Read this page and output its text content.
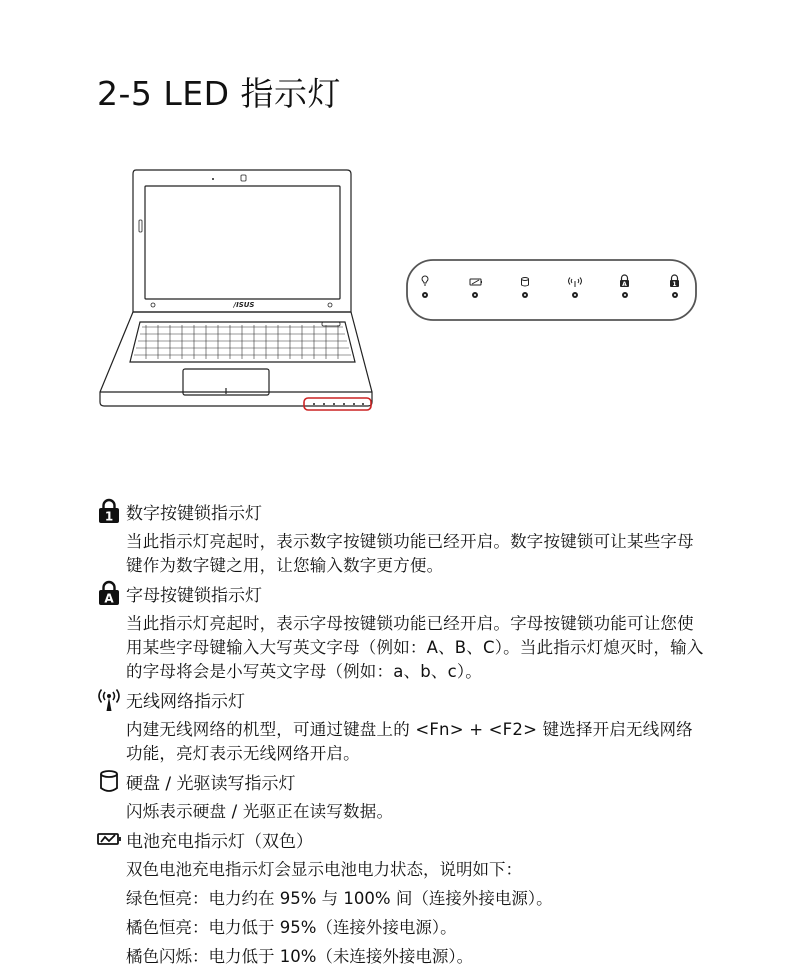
2-5 LED 指示灯
/ISUS
A	1
1 数字按键锁指示灯

当此指示灯亮起时，表示数字按键锁功能已经开启。数字按键锁可让某些字母键作为数字键之用，让您输入数字更方便。

A 字母按键锁指示灯

当此指示灯亮起时，表示字母按键锁功能已经开启。字母按键锁功能可让您使用某些字母键输入大写英文字母（例如：A、B、C）。当此指示灯熄灭时，输入的字母将会是小写英文字母（例如：a、b、c）。

无线网络指示灯

内建无线网络的机型，可通过键盘上的 <Fn> + <F2> 键选择开启无线网络功能，亮灯表示无线网络开启。

硬盘 / 光驱读写指示灯

闪烁表示硬盘 / 光驱正在读写数据。

电池充电指示灯（双色）
双色电池充电指示灯会显示电池电力状态，说明如下：
绿色恒亮：电力约在 95% 与 100% 间（连接外接电源）。
橘色恒亮：电力低于 95%（连接外接电源）。
橘色闪烁：电力低于 10%（未连接外接电源）。
